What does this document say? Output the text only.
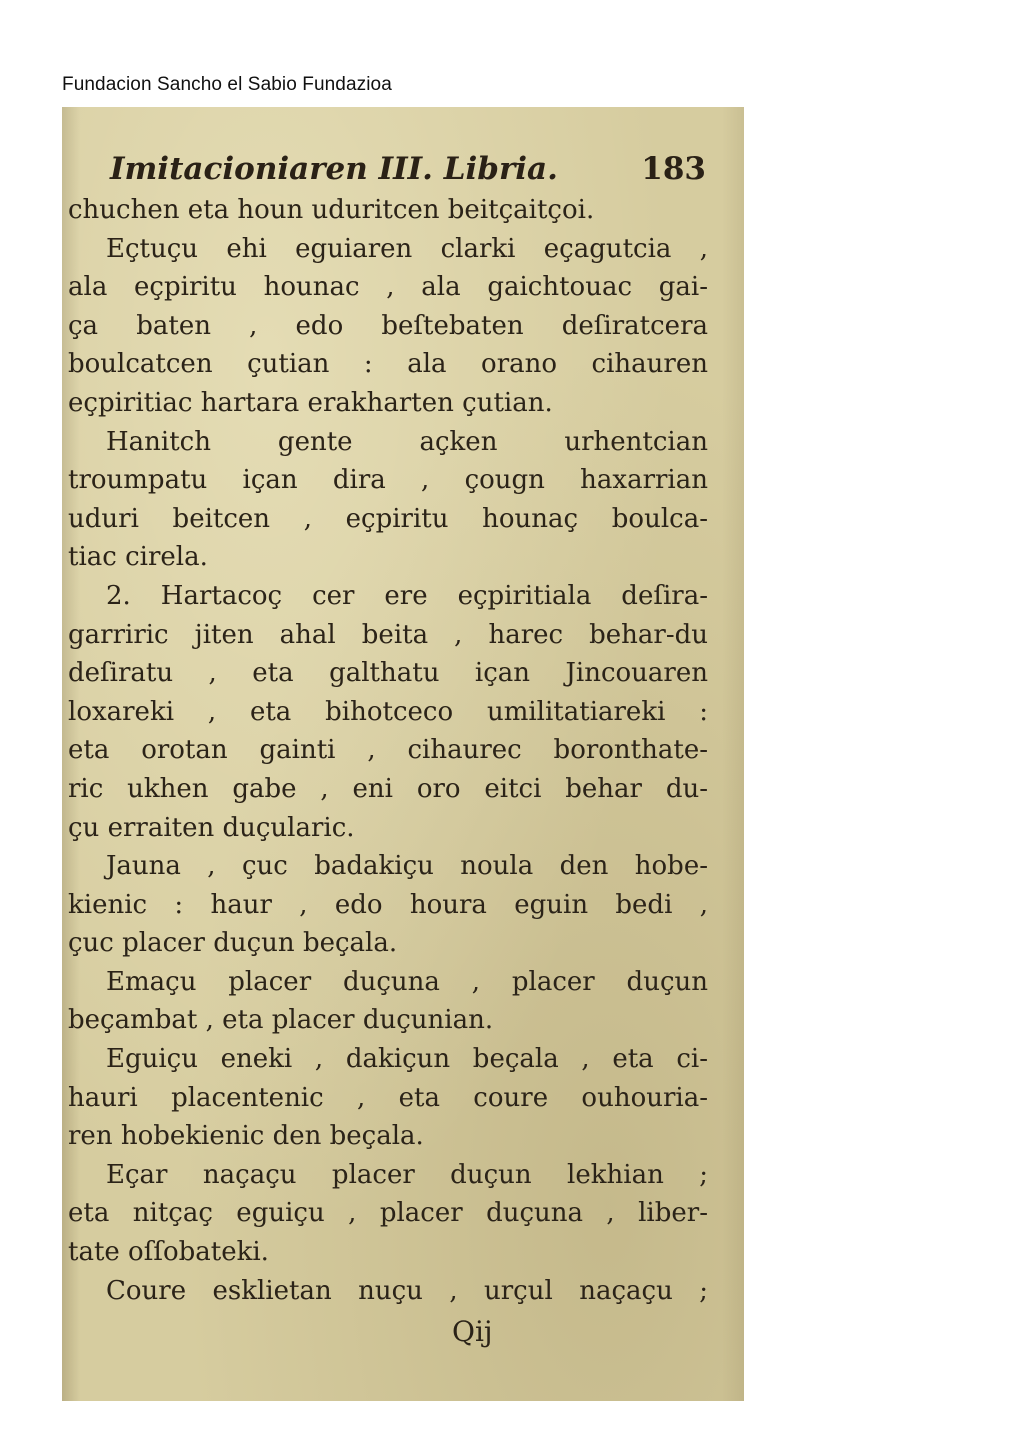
Fundacion Sancho el Sabio Fundazioa
Imitacioniaren III. Libria.	183
chuchen eta houn uduritcen beitçaitçoi.
Eçtuçu ehi eguiaren clarki eçagutcia ,
ala eçpiritu hounac , ala gaichtouac gai-
ça baten , edo beſtebaten deſiratcera
boulcatcen çutian : ala orano cihauren
eçpiritiac hartara erakharten çutian.
Hanitch gente açken urhentcian
troumpatu içan dira , çougn haxarrian
uduri beitcen , eçpiritu hounaç boulca-
tiac cirela.
2. Hartacoç cer ere eçpiritiala deſira-
garriric jiten ahal beita , harec behar-du
deſiratu , eta galthatu içan Jincouaren
loxareki , eta bihotceco umilitatiareki :
eta orotan gainti , cihaurec boronthate-
ric ukhen gabe , eni oro eitci behar du-
çu erraiten duçularic.
Jauna , çuc badakiçu noula den hobe-
kienic : haur , edo houra eguin bedi ,
çuc placer duçun beçala.
Emaçu placer duçuna , placer duçun
beçambat , eta placer duçunian.
Eguiçu eneki , dakiçun beçala , eta ci-
hauri placentenic , eta coure ouhouria-
ren hobekienic den beçala.
Eçar naçaçu placer duçun lekhian ;
eta nitçaç eguiçu , placer duçuna , liber-
tate oſſobateki.
Coure esklietan nuçu , urçul naçaçu ;
Qij
